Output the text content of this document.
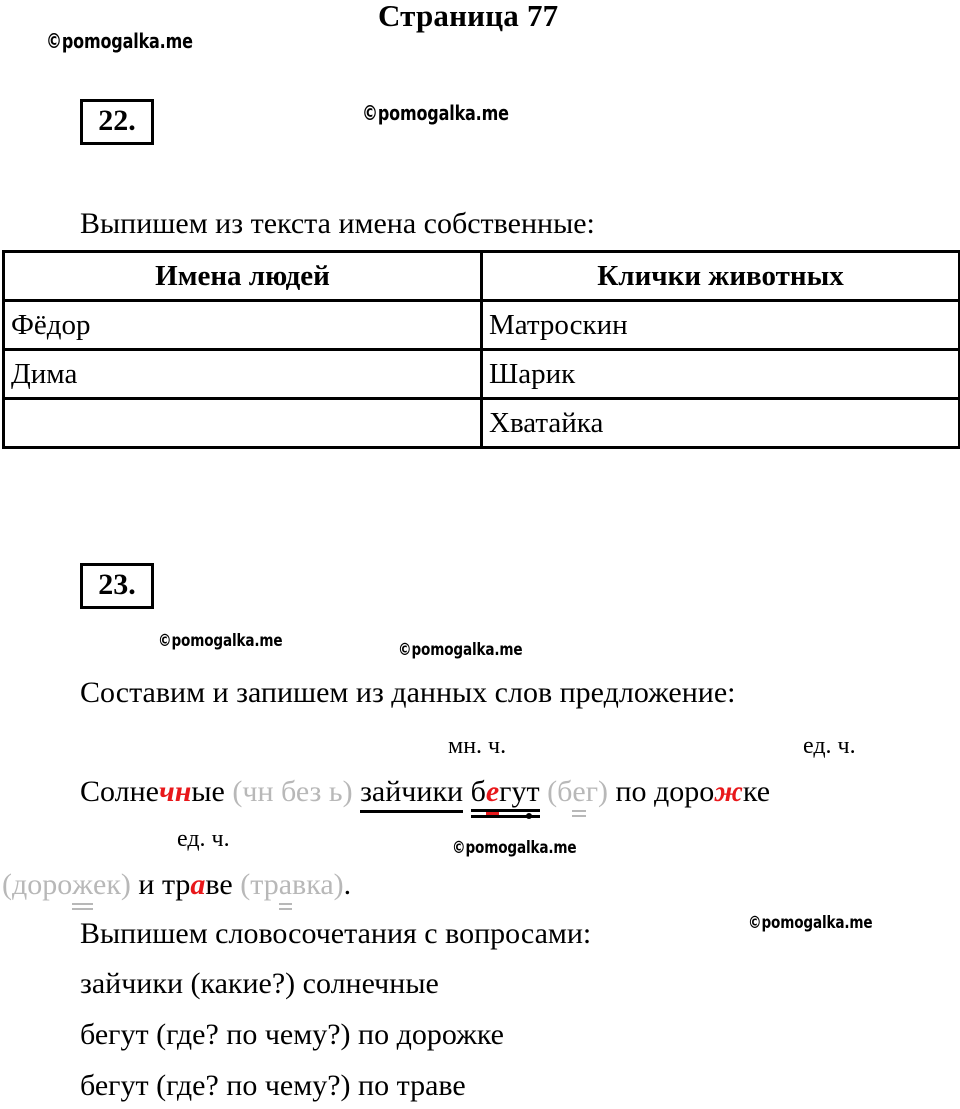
Страница 77
©pomogalka.me
©pomogalka.me
©pomogalka.me	©pomogalka.me
©pomogalka.me
©pomogalka.me
22.
Выпишем из текста имена собственные:
Имена людей	Клички животных
Фёдор	Матроскин
Дима	Шарик
	Хватайка
23.
Составим и запишем из данных слов предложение:
мн. ч.	ед. ч.
ед. ч.
Солнечные (чн без ь) зайчики бегут (бег) по дорожке
(дорожек) и траве (травка).
Выпишем словосочетания с вопросами:
зайчики (какие?) солнечные
бегут (где? по чему?) по дорожке
бегут (где? по чему?) по траве
